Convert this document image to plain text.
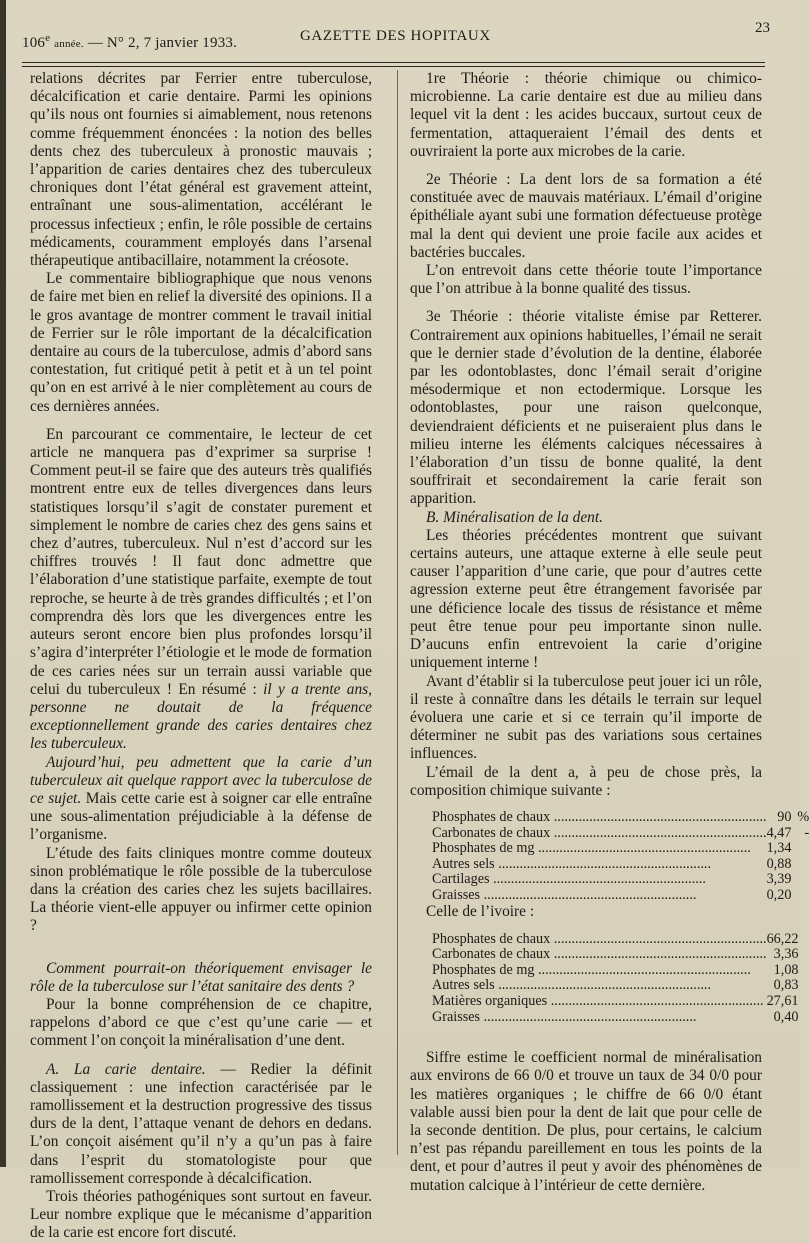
106e année. — N° 2, 7 janvier 1933.	GAZETTE DES HOPITAUX	23

relations décrites par Ferrier entre tuberculose, décalcification et carie dentaire. Parmi les opinions qu’ils nous ont fournies si aimablement, nous retenons comme fréquemment énoncées : la notion des belles dents chez des tuberculeux à pronostic mauvais ; l’apparition de caries dentaires chez des tuberculeux chroniques dont l’état général est gravement atteint, entraînant une sous-alimentation, accélérant le processus infectieux ; enfin, le rôle possible de certains médicaments, couramment employés dans l’arsenal thérapeutique antibacillaire, notamment la créosote.

Le commentaire bibliographique que nous venons de faire met bien en relief la diversité des opinions. Il a le gros avantage de montrer comment le travail initial de Ferrier sur le rôle important de la décalcification dentaire au cours de la tuberculose, admis d’abord sans contestation, fut critiqué petit à petit et à un tel point qu’on en est arrivé à le nier complètement au cours de ces dernières années.

En parcourant ce commentaire, le lecteur de cet article ne manquera pas d’exprimer sa surprise ! Comment peut-il se faire que des auteurs très qualifiés montrent entre eux de telles divergences dans leurs statistiques lorsqu’il s’agit de constater purement et simplement le nombre de caries chez des gens sains et chez d’autres, tuberculeux. Nul n’est d’accord sur les chiffres trouvés ! Il faut donc admettre que l’élaboration d’une statistique parfaite, exempte de tout reproche, se heurte à de très grandes difficultés ; et l’on comprendra dès lors que les divergences entre les auteurs seront encore bien plus profondes lorsqu’il s’agira d’interpréter l’étiologie et le mode de formation de ces caries nées sur un terrain aussi variable que celui du tuberculeux ! En résumé : il y a trente ans, personne ne doutait de la fréquence exceptionnellement grande des caries dentaires chez les tuberculeux.

Aujourd’hui, peu admettent que la carie d’un tuberculeux ait quelque rapport avec la tuberculose de ce sujet. Mais cette carie est à soigner car elle entraîne une sous-alimentation préjudiciable à la défense de l’organisme.

L’étude des faits cliniques montre comme douteux sinon problématique le rôle possible de la tuberculose dans la création des caries chez les sujets bacillaires. La théorie vient-elle appuyer ou infirmer cette opinion ?

Comment pourrait-on théoriquement envisager le rôle de la tuberculose sur l’état sanitaire des dents ?

Pour la bonne compréhension de ce chapitre, rappelons d’abord ce que c’est qu’une carie — et comment l’on conçoit la minéralisation d’une dent.

A. La carie dentaire. — Redier la définit classiquement : une infection caractérisée par le ramollissement et la destruction progressive des tissus durs de la dent, l’attaque venant de dehors en dedans. L’on conçoit aisément qu’il n’y a qu’un pas à faire dans l’esprit du stomatologiste pour que ramollissement corresponde à décalcification.

Trois théories pathogéniques sont surtout en faveur. Leur nombre explique que le mécanisme d’apparition de la carie est encore fort discuté.

1re Théorie : théorie chimique ou chimico-microbienne. La carie dentaire est due au milieu dans lequel vit la dent : les acides buccaux, surtout ceux de fermentation, attaqueraient l’émail des dents et ouvriraient la porte aux microbes de la carie.

2e Théorie : La dent lors de sa formation a été constituée avec de mauvais matériaux. L’émail d’origine épithéliale ayant subi une formation défectueuse protège mal la dent qui devient une proie facile aux acides et bactéries buccales.

L’on entrevoit dans cette théorie toute l’importance que l’on attribue à la bonne qualité des tissus.

3e Théorie : théorie vitaliste émise par Retterer. Contrairement aux opinions habituelles, l’émail ne serait que le dernier stade d’évolution de la dentine, élaborée par les odontoblastes, donc l’émail serait d’origine mésodermique et non ectodermique. Lorsque les odontoblastes, pour une raison quelconque, deviendraient déficients et ne puiseraient plus dans le milieu interne les éléments calciques nécessaires à l’élaboration d’un tissu de bonne qualité, la dent souffrirait et secondairement la carie ferait son apparition.

B. Minéralisation de la dent.

Les théories précédentes montrent que suivant certains auteurs, une attaque externe à elle seule peut causer l’apparition d’une carie, que pour d’autres cette agression externe peut être étrangement favorisée par une déficience locale des tissus de résistance et même peut être tenue pour peu importante sinon nulle. D’aucuns enfin entrevoient la carie d’origine uniquement interne !

Avant d’établir si la tuberculose peut jouer ici un rôle, il reste à connaître dans les détails le terrain sur lequel évoluera une carie et si ce terrain qu’il importe de déterminer ne subit pas des variations sous certaines influences.

L’émail de la dent a, à peu de chose près, la composition chimique suivante :

Phosphates de chaux ............................................................	90	%
Carbonates de chaux ............................................................	4,47	-
Phosphates de mg ............................................................	1,34	
Autres sels ............................................................	0,88	
Cartilages ............................................................	3,39	
Graisses ............................................................	0,20	

Celle de l’ivoire :

Phosphates de chaux ............................................................	66,22	
Carbonates de chaux ............................................................	3,36	
Phosphates de mg ............................................................	1,08	
Autres sels ............................................................	0,83	
Matières organiques ............................................................	27,61	
Graisses ............................................................	0,40	

Siffre estime le coefficient normal de minéralisation aux environs de 66 0/0 et trouve un taux de 34 0/0 pour les matières organiques ; le chiffre de 66 0/0 étant valable aussi bien pour la dent de lait que pour celle de la seconde dentition. De plus, pour certains, le calcium n’est pas répandu pareillement en tous les points de la dent, et pour d’autres il peut y avoir des phénomènes de mutation calcique à l’intérieur de cette dernière.
